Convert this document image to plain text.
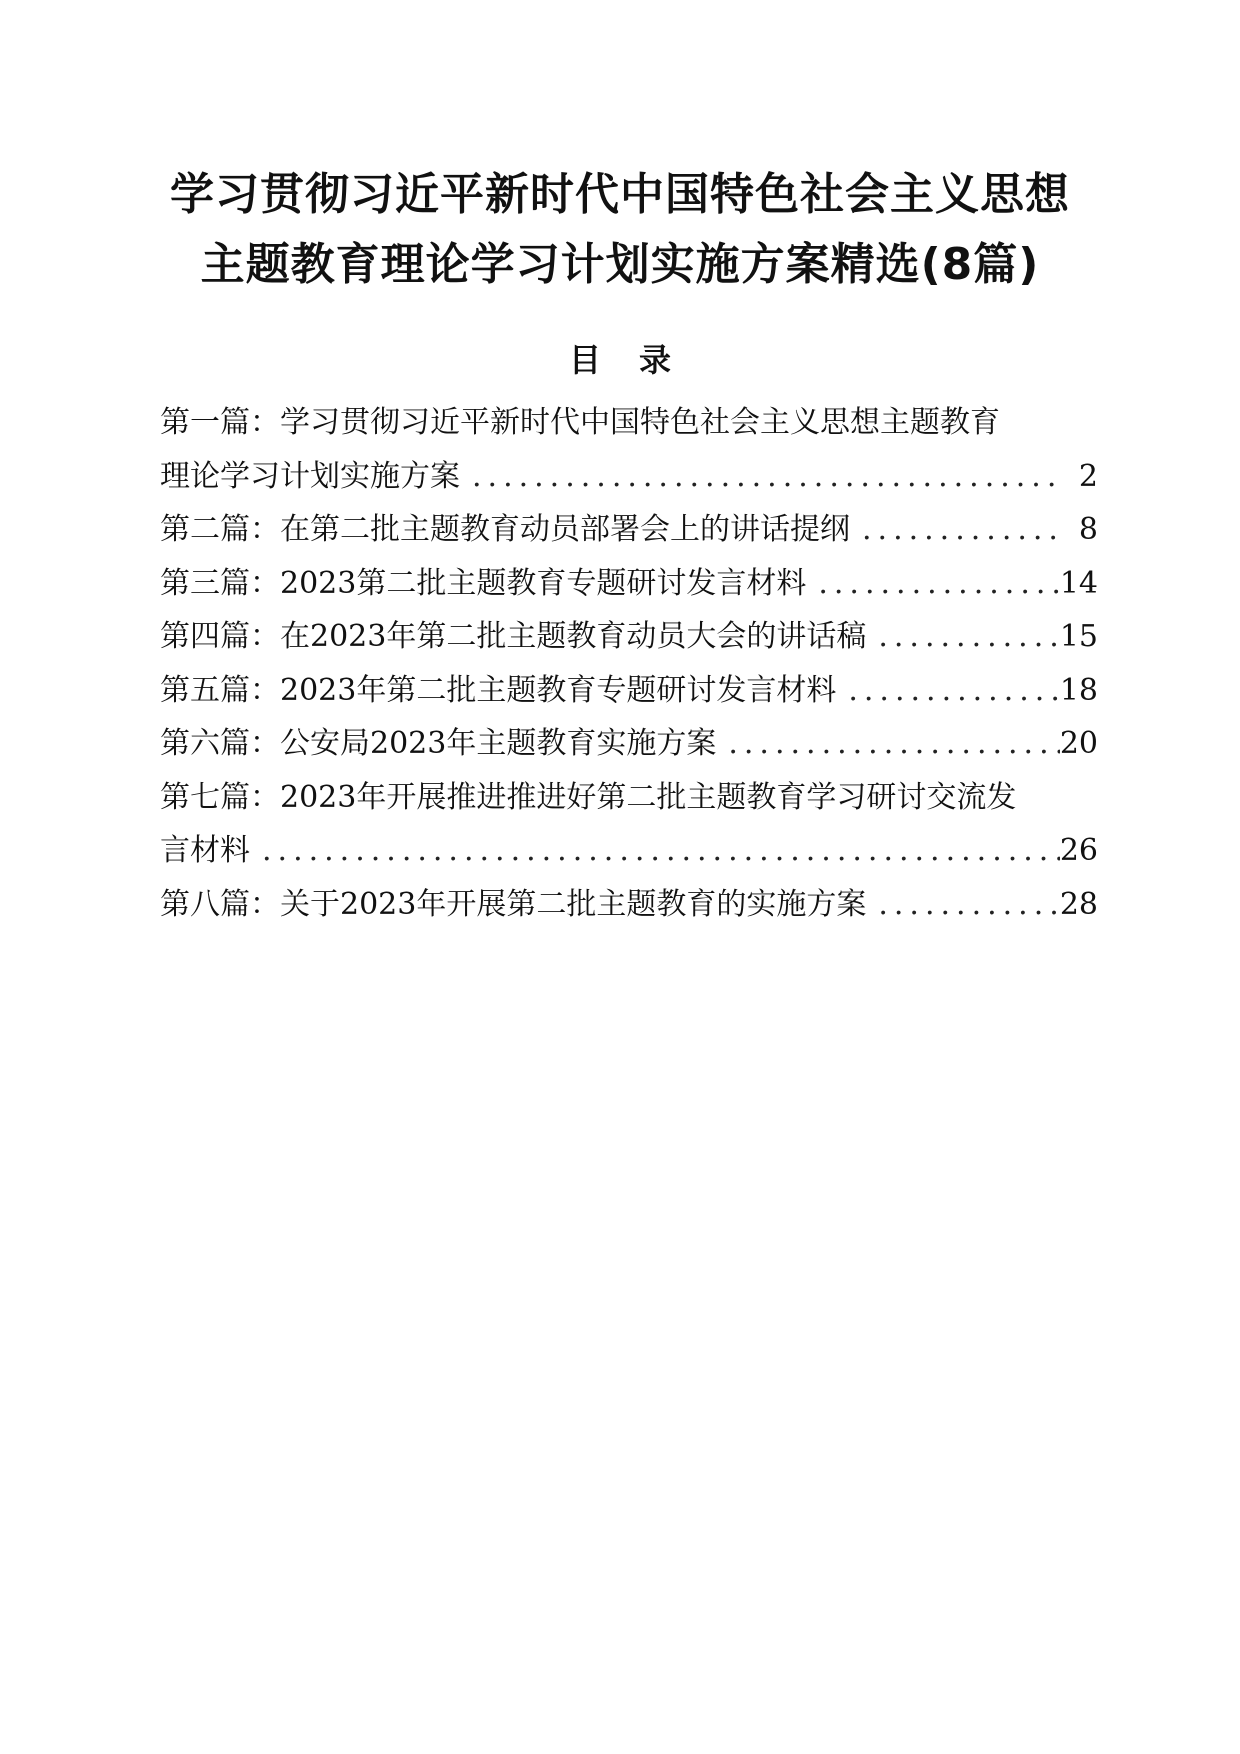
学习贯彻习近平新时代中国特色社会主义思想
主题教育理论学习计划实施方案精选(8篇)
目录
第一篇：学习贯彻习近平新时代中国特色社会主义思想主题教育
理论学习计划实施方案 .....	2
第二篇：在第二批主题教育动员部署会上的讲话提纲 .....	8
第三篇：2023第二批主题教育专题研讨发言材料 .....	14
第四篇：在2023年第二批主题教育动员大会的讲话稿 .....	15
第五篇：2023年第二批主题教育专题研讨发言材料 .....	18
第六篇：公安局2023年主题教育实施方案 .....	20
第七篇：2023年开展推进推进好第二批主题教育学习研讨交流发
言材料 .....	26
第八篇：关于2023年开展第二批主题教育的实施方案 .....	28
